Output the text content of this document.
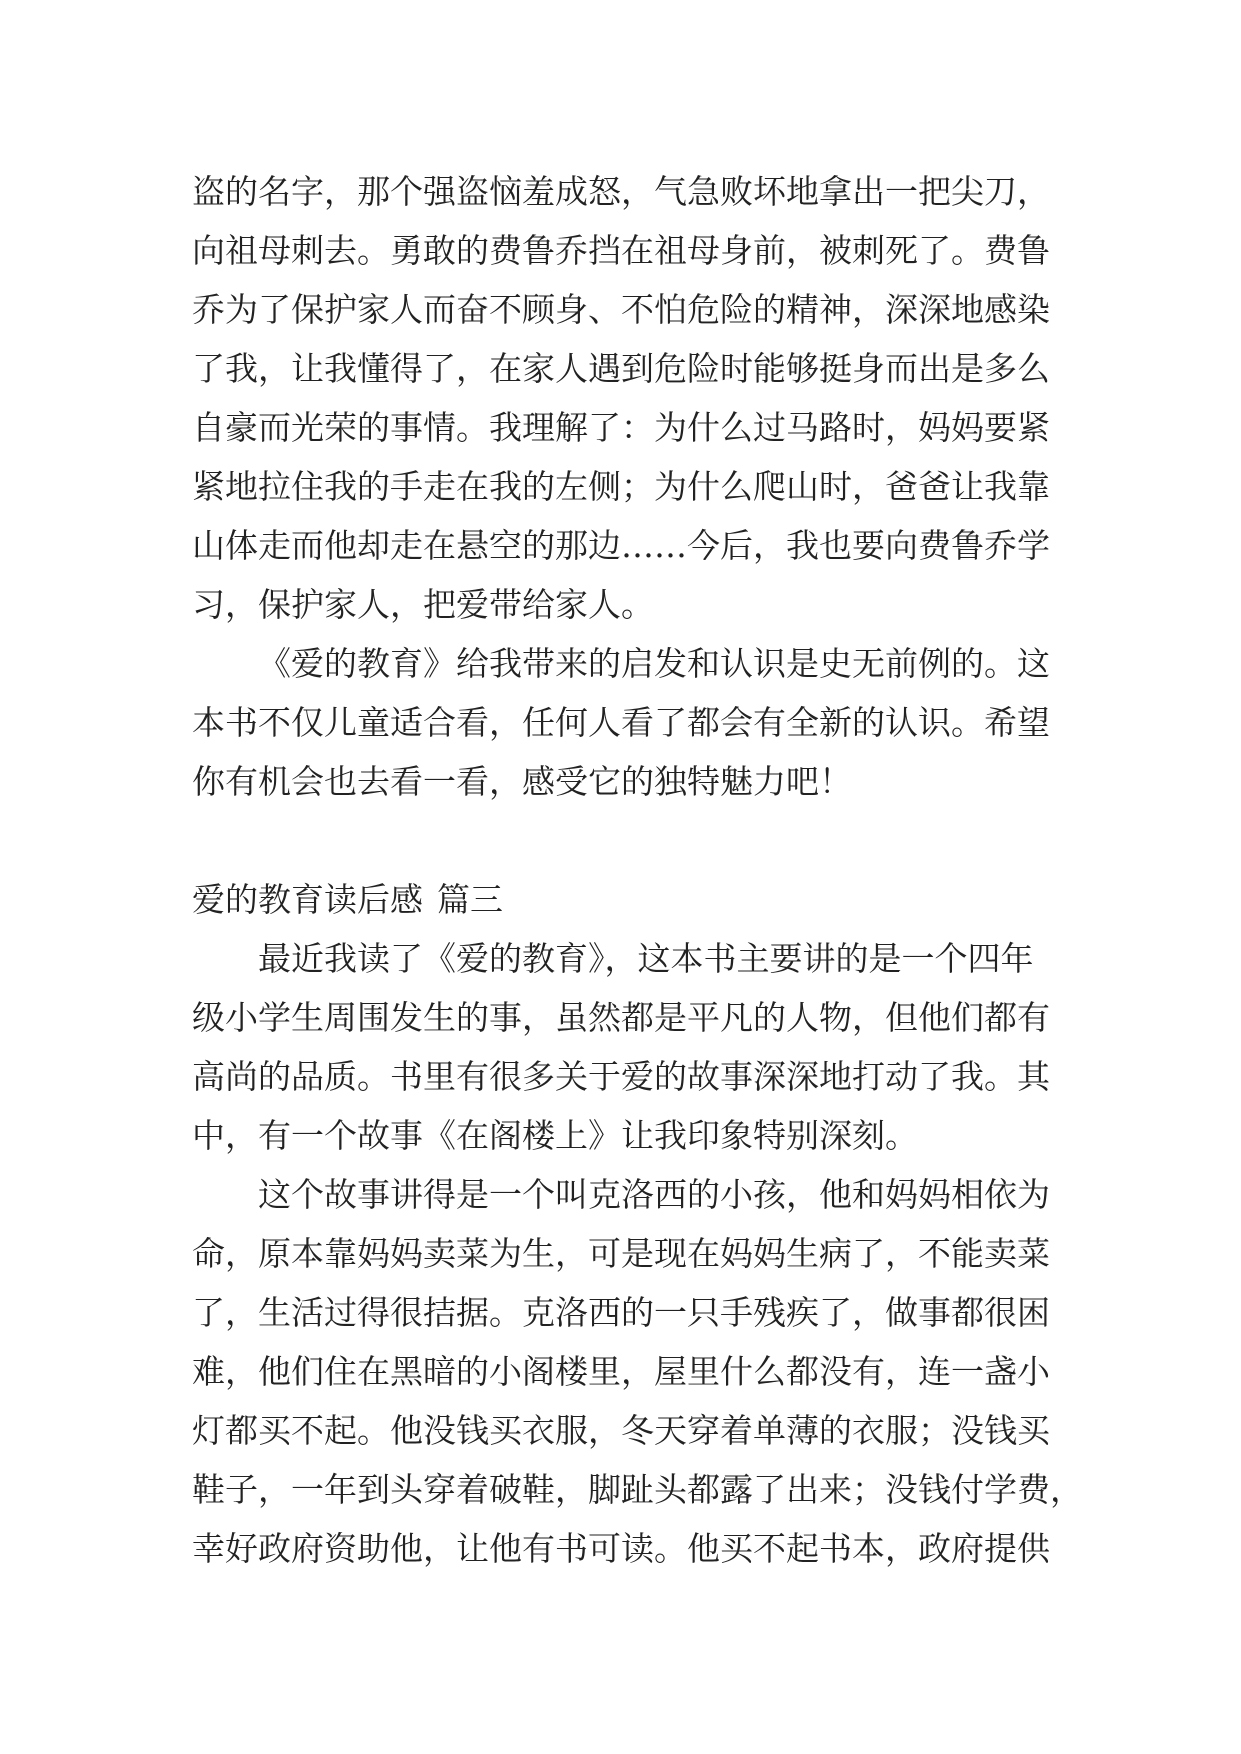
盗的名字，那个强盗恼羞成怒，气急败坏地拿出一把尖刀，
向祖母刺去。勇敢的费鲁乔挡在祖母身前，被刺死了。费鲁
乔为了保护家人而奋不顾身、不怕危险的精神，深深地感染
了我，让我懂得了，在家人遇到危险时能够挺身而出是多么
自豪而光荣的事情。我理解了：为什么过马路时，妈妈要紧
紧地拉住我的手走在我的左侧；为什么爬山时，爸爸让我靠
山体走而他却走在悬空的那边……今后，我也要向费鲁乔学
习，保护家人，把爱带给家人。
《爱的教育》给我带来的启发和认识是史无前例的。这
本书不仅儿童适合看，任何人看了都会有全新的认识。希望
你有机会也去看一看，感受它的独特魅力吧！
爱的教育读后感 篇三
最近我读了《爱的教育》，这本书主要讲的是一个四年
级小学生周围发生的事，虽然都是平凡的人物，但他们都有
高尚的品质。书里有很多关于爱的故事深深地打动了我。其
中，有一个故事《在阁楼上》让我印象特别深刻。
这个故事讲得是一个叫克洛西的小孩，他和妈妈相依为
命，原本靠妈妈卖菜为生，可是现在妈妈生病了，不能卖菜
了，生活过得很拮据。克洛西的一只手残疾了，做事都很困
难，他们住在黑暗的小阁楼里，屋里什么都没有，连一盏小
灯都买不起。他没钱买衣服，冬天穿着单薄的衣服；没钱买
鞋子，一年到头穿着破鞋，脚趾头都露了出来；没钱付学费，
幸好政府资助他，让他有书可读。他买不起书本，政府提供
